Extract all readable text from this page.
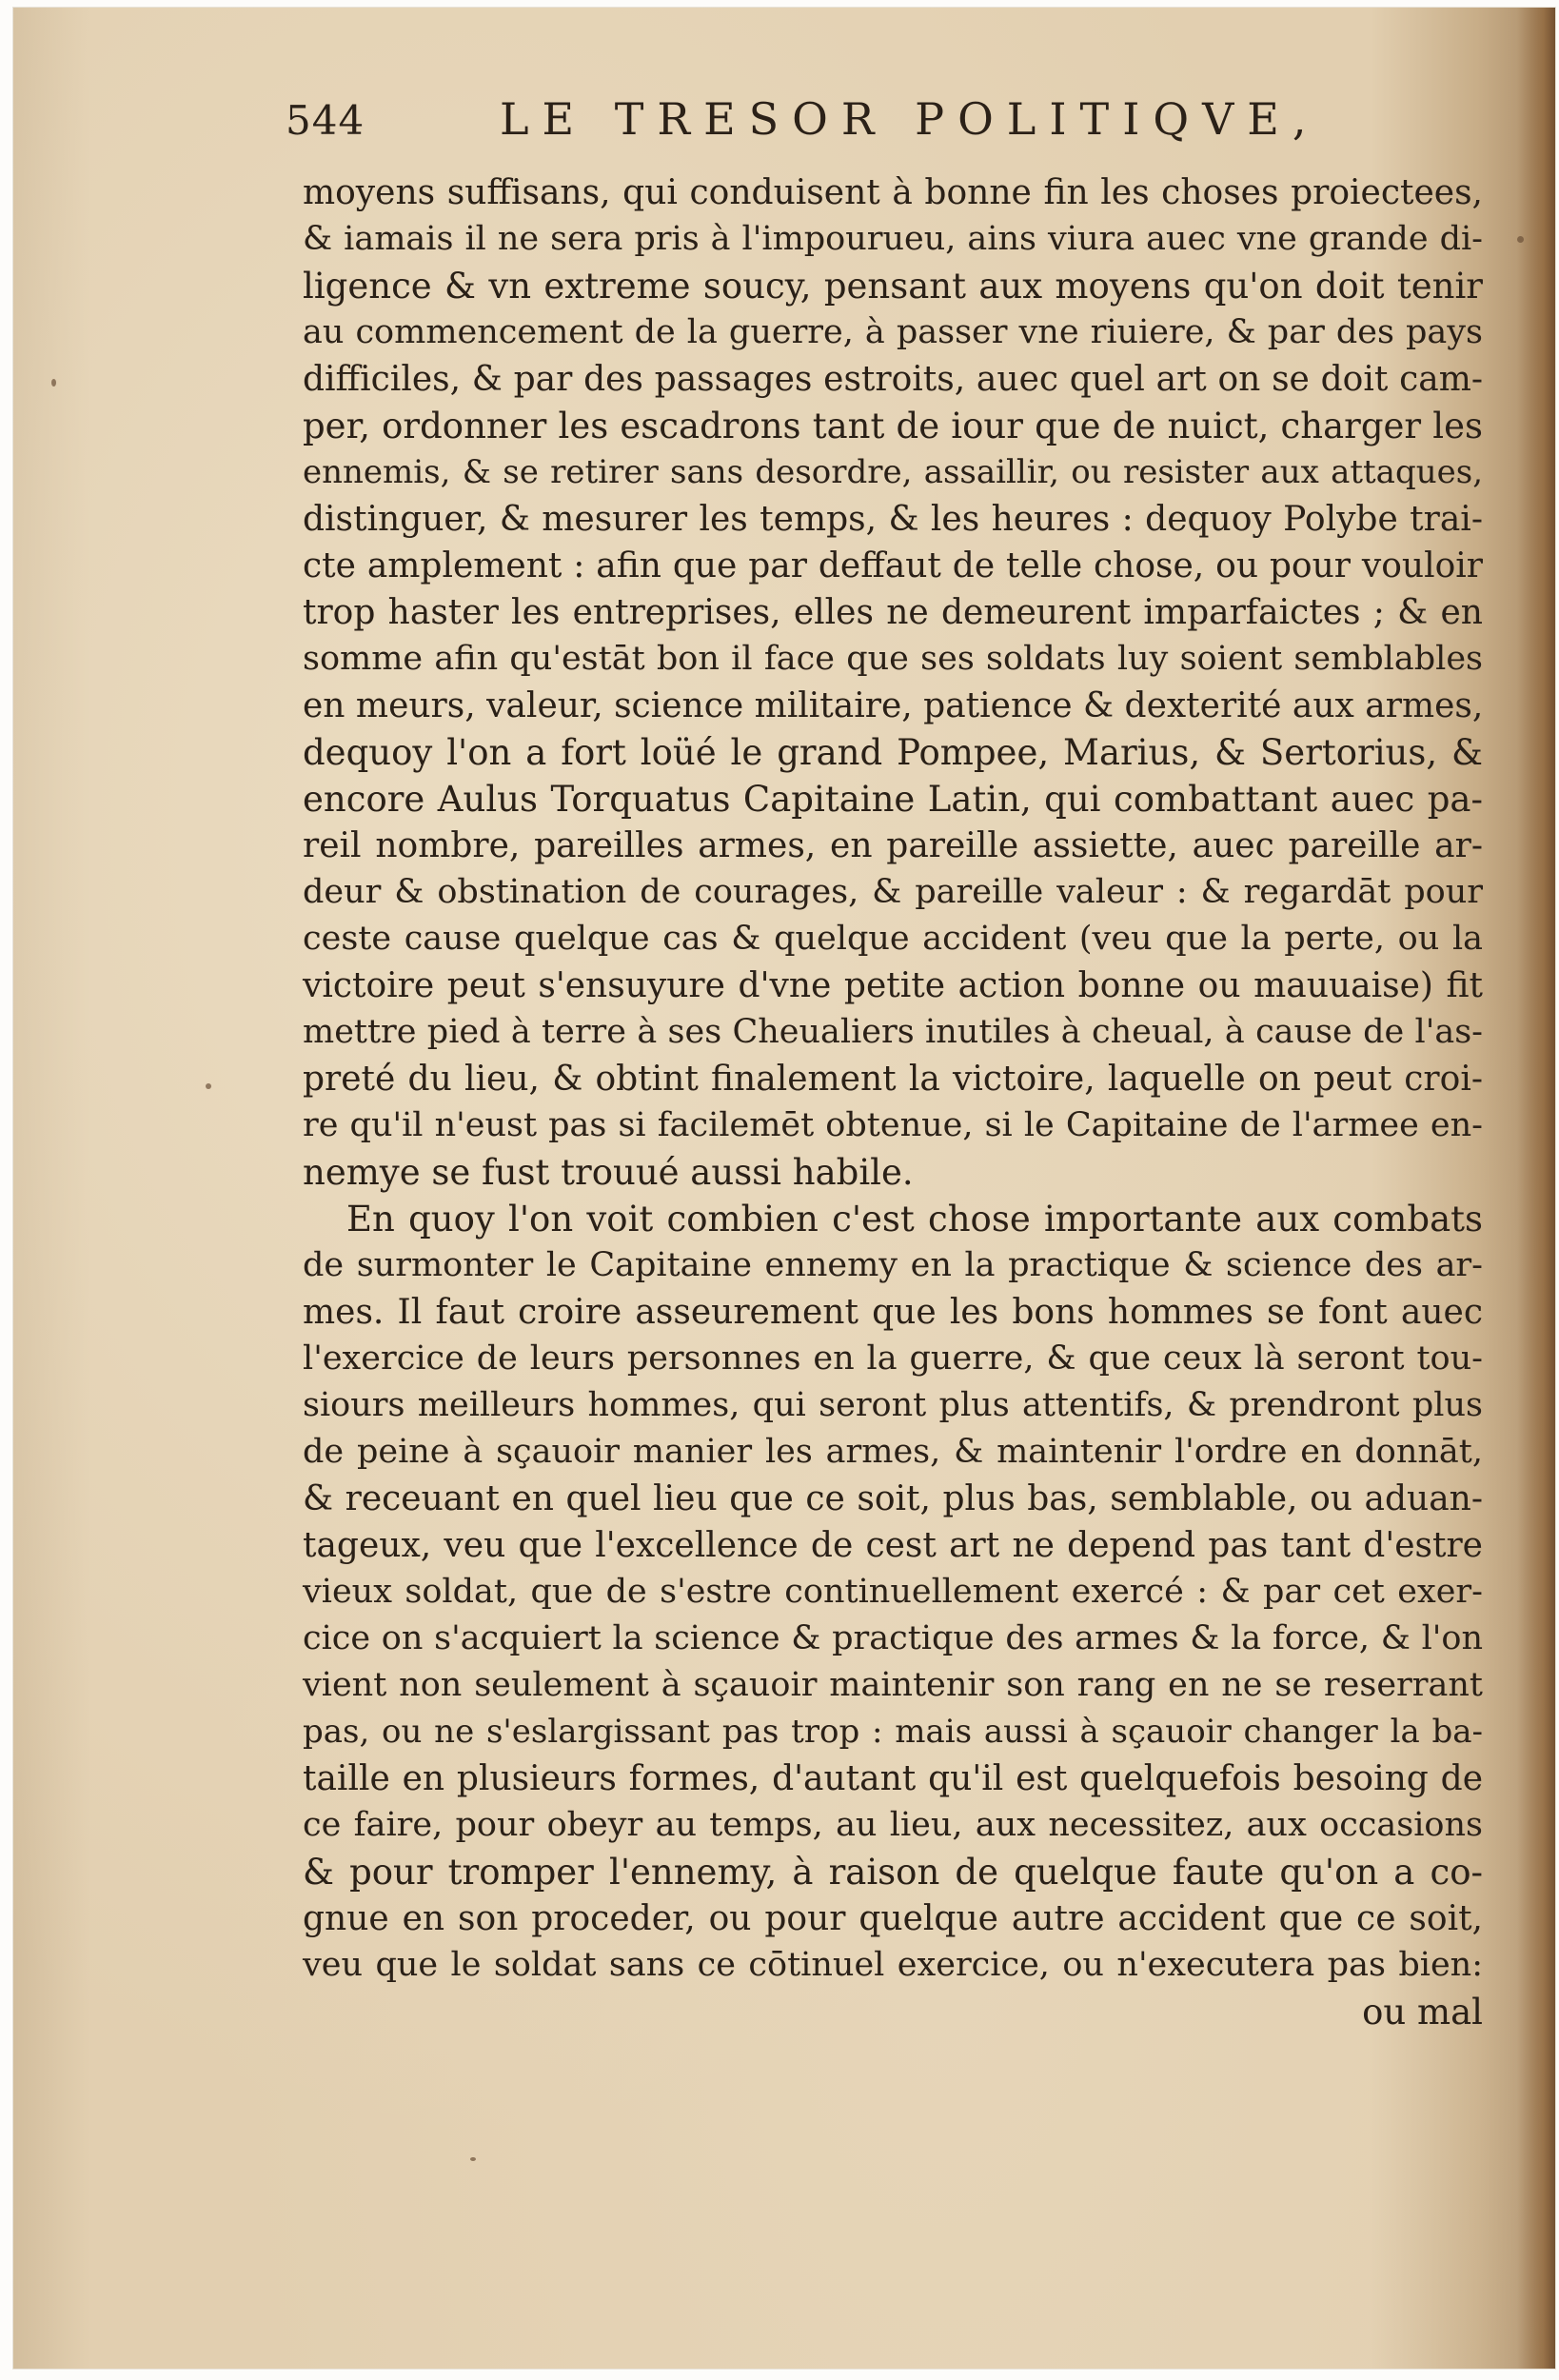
544	LE TRESOR POLITIQVE,
moyens suffisans, qui conduisent à bonne fin les choses proiectees,
& iamais il ne sera pris à l'impourueu, ains viura auec vne grande di-
ligence & vn extreme soucy, pensant aux moyens qu'on doit tenir
au commencement de la guerre, à passer vne riuiere, & par des pays
difficiles, & par des passages estroits, auec quel art on se doit cam-
per, ordonner les escadrons tant de iour que de nuict, charger les
ennemis, & se retirer sans desordre, assaillir, ou resister aux attaques,
distinguer, & mesurer les temps, & les heures : dequoy Polybe trai-
cte amplement : afin que par deffaut de telle chose, ou pour vouloir
trop haster les entreprises, elles ne demeurent imparfaictes ; & en
somme afin qu'estāt bon il face que ses soldats luy soient semblables
en meurs, valeur, science militaire, patience & dexterité aux armes,
dequoy l'on a fort loüé le grand Pompee, Marius, & Sertorius, &
encore Aulus Torquatus Capitaine Latin, qui combattant auec pa-
reil nombre, pareilles armes, en pareille assiette, auec pareille ar-
deur & obstination de courages, & pareille valeur : & regardāt pour
ceste cause quelque cas & quelque accident (veu que la perte, ou la
victoire peut s'ensuyure d'vne petite action bonne ou mauuaise) fit
mettre pied à terre à ses Cheualiers inutiles à cheual, à cause de l'as-
preté du lieu, & obtint finalement la victoire, laquelle on peut croi-
re qu'il n'eust pas si facilemēt obtenue, si le Capitaine de l'armee en-
nemye se fust trouué aussi habile.
En quoy l'on voit combien c'est chose importante aux combats
de surmonter le Capitaine ennemy en la practique & science des ar-
mes. Il faut croire asseurement que les bons hommes se font auec
l'exercice de leurs personnes en la guerre, & que ceux là seront tou-
siours meilleurs hommes, qui seront plus attentifs, & prendront plus
de peine à sçauoir manier les armes, & maintenir l'ordre en donnāt,
& receuant en quel lieu que ce soit, plus bas, semblable, ou aduan-
tageux, veu que l'excellence de cest art ne depend pas tant d'estre
vieux soldat, que de s'estre continuellement exercé : & par cet exer-
cice on s'acquiert la science & practique des armes & la force, & l'on
vient non seulement à sçauoir maintenir son rang en ne se reserrant
pas, ou ne s'eslargissant pas trop : mais aussi à sçauoir changer la ba-
taille en plusieurs formes, d'autant qu'il est quelquefois besoing de
ce faire, pour obeyr au temps, au lieu, aux necessitez, aux occasions
& pour tromper l'ennemy, à raison de quelque faute qu'on a co-
gnue en son proceder, ou pour quelque autre accident que ce soit,
veu que le soldat sans ce cōtinuel exercice, ou n'executera pas bien:
ou mal
